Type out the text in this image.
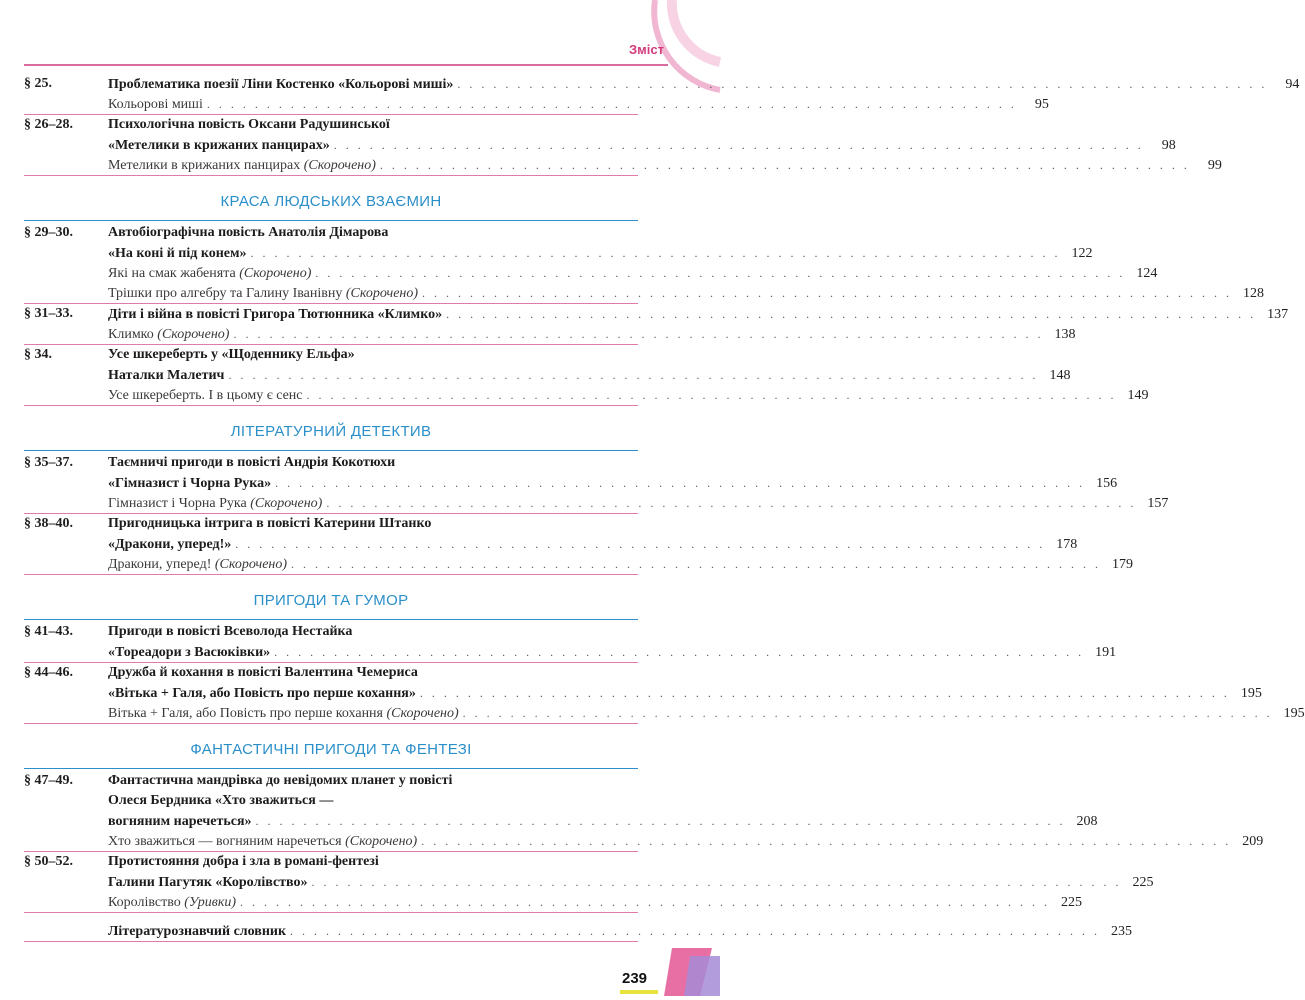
Зміст
§ 25.	Проблематика поезії Ліни Костенко «Кольорові миші» . . . . . . . . . . . . . . . . . . . . . . . . . . . . . . . . . . . . . . . . . . . . . . . . . . . . . . . . . . . . . . . . . . . .	94
Кольорові миші . . . . . . . . . . . . . . . . . . . . . . . . . . . . . . . . . . . . . . . . . . . . . . . . . . . . . . . . . . . . . . . . . . . .	95
§ 26–28.	Психологічна повість Оксани Радушинської
«Метелики в крижаних панцирах» . . . . . . . . . . . . . . . . . . . . . . . . . . . . . . . . . . . . . . . . . . . . . . . . . . . . . . . . . . . . . . . . . . . .	98
Метелики в крижаних панцирах (Скорочено) . . . . . . . . . . . . . . . . . . . . . . . . . . . . . . . . . . . . . . . . . . . . . . . . . . . . . . . . . . . . . . . . . . . .	99
КРАСА ЛЮДСЬКИХ ВЗАЄМИН
§ 29–30.	Автобіографічна повість Анатолія Дімарова
«На коні й під конем» . . . . . . . . . . . . . . . . . . . . . . . . . . . . . . . . . . . . . . . . . . . . . . . . . . . . . . . . . . . . . . . . . . . . 122
Які на смак жабенята (Скорочено) . . . . . . . . . . . . . . . . . . . . . . . . . . . . . . . . . . . . . . . . . . . . . . . . . . . . . . . . . . . . . . . . . . . . 124
Трішки про алгебру та Галину Іванівну (Скорочено) . . . . . . . . . . . . . . . . . . . . . . . . . . . . . . . . . . . . . . . . . . . . . . . . . . . . . . . . . . . . . . . . . . . . 128
§ 31–33.	Діти і війна в повісті Григора Тютюнника «Климко» . . . . . . . . . . . . . . . . . . . . . . . . . . . . . . . . . . . . . . . . . . . . . . . . . . . . . . . . . . . . . . . . . . . . 137
Климко (Скорочено) . . . . . . . . . . . . . . . . . . . . . . . . . . . . . . . . . . . . . . . . . . . . . . . . . . . . . . . . . . . . . . . . . . . . 138
§ 34.	Усе шкереберть у «Щоденнику Ельфа»
Наталки Малетич . . . . . . . . . . . . . . . . . . . . . . . . . . . . . . . . . . . . . . . . . . . . . . . . . . . . . . . . . . . . . . . . . . . . 148
Усе шкереберть. І в цьому є сенс . . . . . . . . . . . . . . . . . . . . . . . . . . . . . . . . . . . . . . . . . . . . . . . . . . . . . . . . . . . . . . . . . . . . 149
ЛІТЕРАТУРНИЙ ДЕТЕКТИВ
§ 35–37.	Таємничі пригоди в повісті Андрія Кокотюхи
«Гімназист і Чорна Рука» . . . . . . . . . . . . . . . . . . . . . . . . . . . . . . . . . . . . . . . . . . . . . . . . . . . . . . . . . . . . . . . . . . . . 156
Гімназист і Чорна Рука (Скорочено) . . . . . . . . . . . . . . . . . . . . . . . . . . . . . . . . . . . . . . . . . . . . . . . . . . . . . . . . . . . . . . . . . . . . 157
§ 38–40.	Пригодницька інтрига в повісті Катерини Штанко
«Дракони, уперед!» . . . . . . . . . . . . . . . . . . . . . . . . . . . . . . . . . . . . . . . . . . . . . . . . . . . . . . . . . . . . . . . . . . . . 178
Дракони, уперед! (Скорочено) . . . . . . . . . . . . . . . . . . . . . . . . . . . . . . . . . . . . . . . . . . . . . . . . . . . . . . . . . . . . . . . . . . . . 179
ПРИГОДИ ТА ГУМОР
§ 41–43.	Пригоди в повісті Всеволода Нестайка
«Тореадори з Васюківки» . . . . . . . . . . . . . . . . . . . . . . . . . . . . . . . . . . . . . . . . . . . . . . . . . . . . . . . . . . . . . . . . . . . . 191
§ 44–46.	Дружба й кохання в повісті Валентина Чемериса
«Вітька + Галя, або Повість про перше кохання» . . . . . . . . . . . . . . . . . . . . . . . . . . . . . . . . . . . . . . . . . . . . . . . . . . . . . . . . . . . . . . . . . . . . 195
Вітька + Галя, або Повість про перше кохання (Скорочено) . . . . . . . . . . . . . . . . . . . . . . . . . . . . . . . . . . . . . . . . . . . . . . . . . . . . . . . . . . . . . . . . . . . . 195
ФАНТАСТИЧНІ ПРИГОДИ ТА ФЕНТЕЗІ
§ 47–49.	Фантастична мандрівка до невідомих планет у повісті
Олеся Бердника «Хто зважиться —
вогняним наречеться» . . . . . . . . . . . . . . . . . . . . . . . . . . . . . . . . . . . . . . . . . . . . . . . . . . . . . . . . . . . . . . . . . . . . 208
Хто зважиться — вогняним наречеться (Скорочено) . . . . . . . . . . . . . . . . . . . . . . . . . . . . . . . . . . . . . . . . . . . . . . . . . . . . . . . . . . . . . . . . . . . . 209
§ 50–52.	Протистояння добра і зла в романі-фентезі
Галини Пагутяк «Королівство» . . . . . . . . . . . . . . . . . . . . . . . . . . . . . . . . . . . . . . . . . . . . . . . . . . . . . . . . . . . . . . . . . . . . 225
Королівство (Уривки) . . . . . . . . . . . . . . . . . . . . . . . . . . . . . . . . . . . . . . . . . . . . . . . . . . . . . . . . . . . . . . . . . . . . 225
Літературознавчий словник . . . . . . . . . . . . . . . . . . . . . . . . . . . . . . . . . . . . . . . . . . . . . . . . . . . . . . . . . . . . . . . . . . . . 235
239
